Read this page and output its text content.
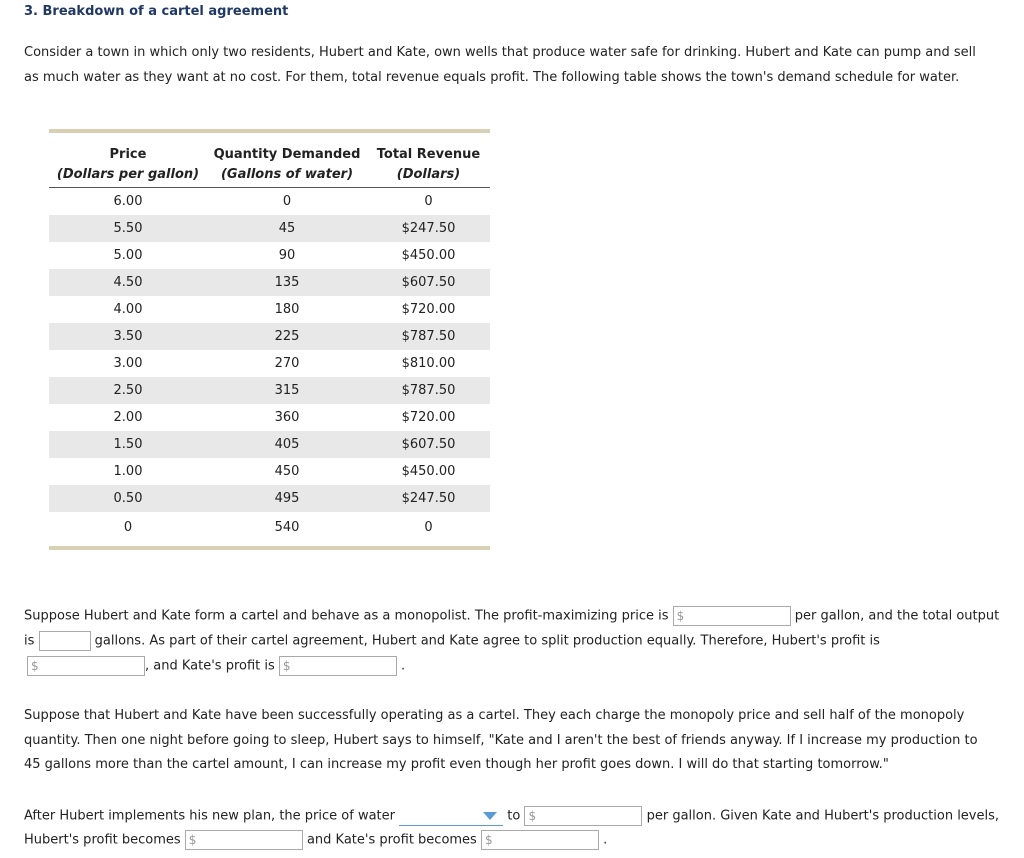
3. Breakdown of a cartel agreement
Consider a town in which only two residents, Hubert and Kate, own wells that produce water safe for drinking. Hubert and Kate can pump and sell as much water as they want at no cost. For them, total revenue equals profit. The following table shows the town's demand schedule for water.
Price	Quantity Demanded	Total Revenue
(Dollars per gallon)	(Gallons of water)	(Dollars)
6.00	0	0
5.50	45	$247.50
5.00	90	$450.00
4.50	135	$607.50
4.00	180	$720.00
3.50	225	$787.50
3.00	270	$810.00
2.50	315	$787.50
2.00	360	$720.00
1.50	405	$607.50
1.00	450	$450.00
0.50	495	$247.50
0	540	0
Suppose Hubert and Kate form a cartel and behave as a monopolist. The profit-maximizing price is $	per gallon, and the total output
is	gallons. As part of their cartel agreement, Hubert and Kate agree to split production equally. Therefore, Hubert's profit is
$	, and Kate's profit is $	.
Suppose that Hubert and Kate have been successfully operating as a cartel. They each charge the monopoly price and sell half of the monopoly quantity. Then one night before going to sleep, Hubert says to himself, "Kate and I aren't the best of friends anyway. If I increase my production to 45 gallons more than the cartel amount, I can increase my profit even though her profit goes down. I will do that starting tomorrow."
After Hubert implements his new plan, the price of water	to $	per gallon. Given Kate and Hubert's production levels,
Hubert's profit becomes $	and Kate's profit becomes $	.
